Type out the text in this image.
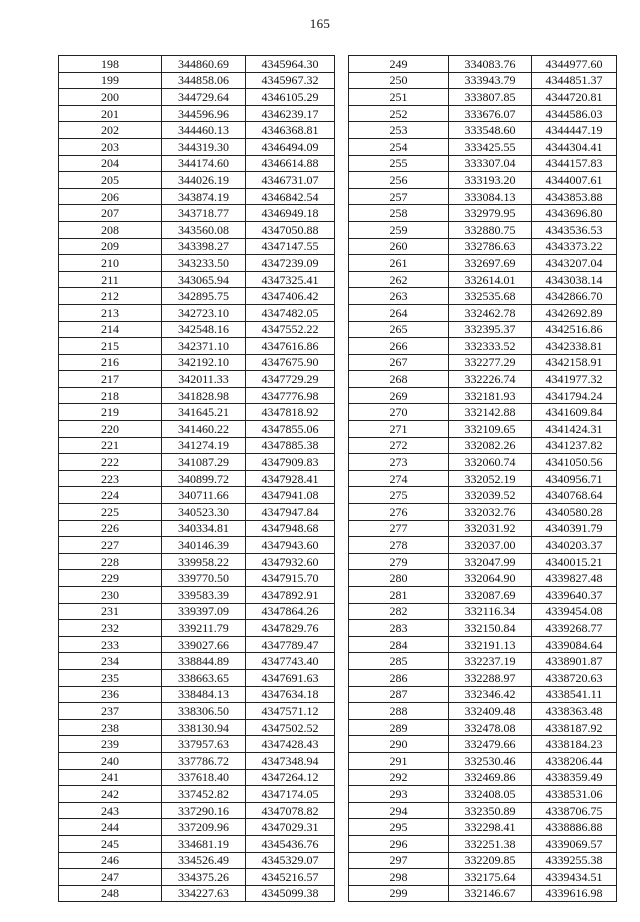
165
198	344860.69	4345964.30
199	344858.06	4345967.32
200	344729.64	4346105.29
201	344596.96	4346239.17
202	344460.13	4346368.81
203	344319.30	4346494.09
204	344174.60	4346614.88
205	344026.19	4346731.07
206	343874.19	4346842.54
207	343718.77	4346949.18
208	343560.08	4347050.88
209	343398.27	4347147.55
210	343233.50	4347239.09
211	343065.94	4347325.41
212	342895.75	4347406.42
213	342723.10	4347482.05
214	342548.16	4347552.22
215	342371.10	4347616.86
216	342192.10	4347675.90
217	342011.33	4347729.29
218	341828.98	4347776.98
219	341645.21	4347818.92
220	341460.22	4347855.06
221	341274.19	4347885.38
222	341087.29	4347909.83
223	340899.72	4347928.41
224	340711.66	4347941.08
225	340523.30	4347947.84
226	340334.81	4347948.68
227	340146.39	4347943.60
228	339958.22	4347932.60
229	339770.50	4347915.70
230	339583.39	4347892.91
231	339397.09	4347864.26
232	339211.79	4347829.76
233	339027.66	4347789.47
234	338844.89	4347743.40
235	338663.65	4347691.63
236	338484.13	4347634.18
237	338306.50	4347571.12
238	338130.94	4347502.52
239	337957.63	4347428.43
240	337786.72	4347348.94
241	337618.40	4347264.12
242	337452.82	4347174.05
243	337290.16	4347078.82
244	337209.96	4347029.31
245	334681.19	4345436.76
246	334526.49	4345329.07
247	334375.26	4345216.57
248	334227.63	4345099.38
249	334083.76	4344977.60
250	333943.79	4344851.37
251	333807.85	4344720.81
252	333676.07	4344586.03
253	333548.60	4344447.19
254	333425.55	4344304.41
255	333307.04	4344157.83
256	333193.20	4344007.61
257	333084.13	4343853.88
258	332979.95	4343696.80
259	332880.75	4343536.53
260	332786.63	4343373.22
261	332697.69	4343207.04
262	332614.01	4343038.14
263	332535.68	4342866.70
264	332462.78	4342692.89
265	332395.37	4342516.86
266	332333.52	4342338.81
267	332277.29	4342158.91
268	332226.74	4341977.32
269	332181.93	4341794.24
270	332142.88	4341609.84
271	332109.65	4341424.31
272	332082.26	4341237.82
273	332060.74	4341050.56
274	332052.19	4340956.71
275	332039.52	4340768.64
276	332032.76	4340580.28
277	332031.92	4340391.79
278	332037.00	4340203.37
279	332047.99	4340015.21
280	332064.90	4339827.48
281	332087.69	4339640.37
282	332116.34	4339454.08
283	332150.84	4339268.77
284	332191.13	4339084.64
285	332237.19	4338901.87
286	332288.97	4338720.63
287	332346.42	4338541.11
288	332409.48	4338363.48
289	332478.08	4338187.92
290	332479.66	4338184.23
291	332530.46	4338206.44
292	332469.86	4338359.49
293	332408.05	4338531.06
294	332350.89	4338706.75
295	332298.41	4338886.88
296	332251.38	4339069.57
297	332209.85	4339255.38
298	332175.64	4339434.51
299	332146.67	4339616.98
